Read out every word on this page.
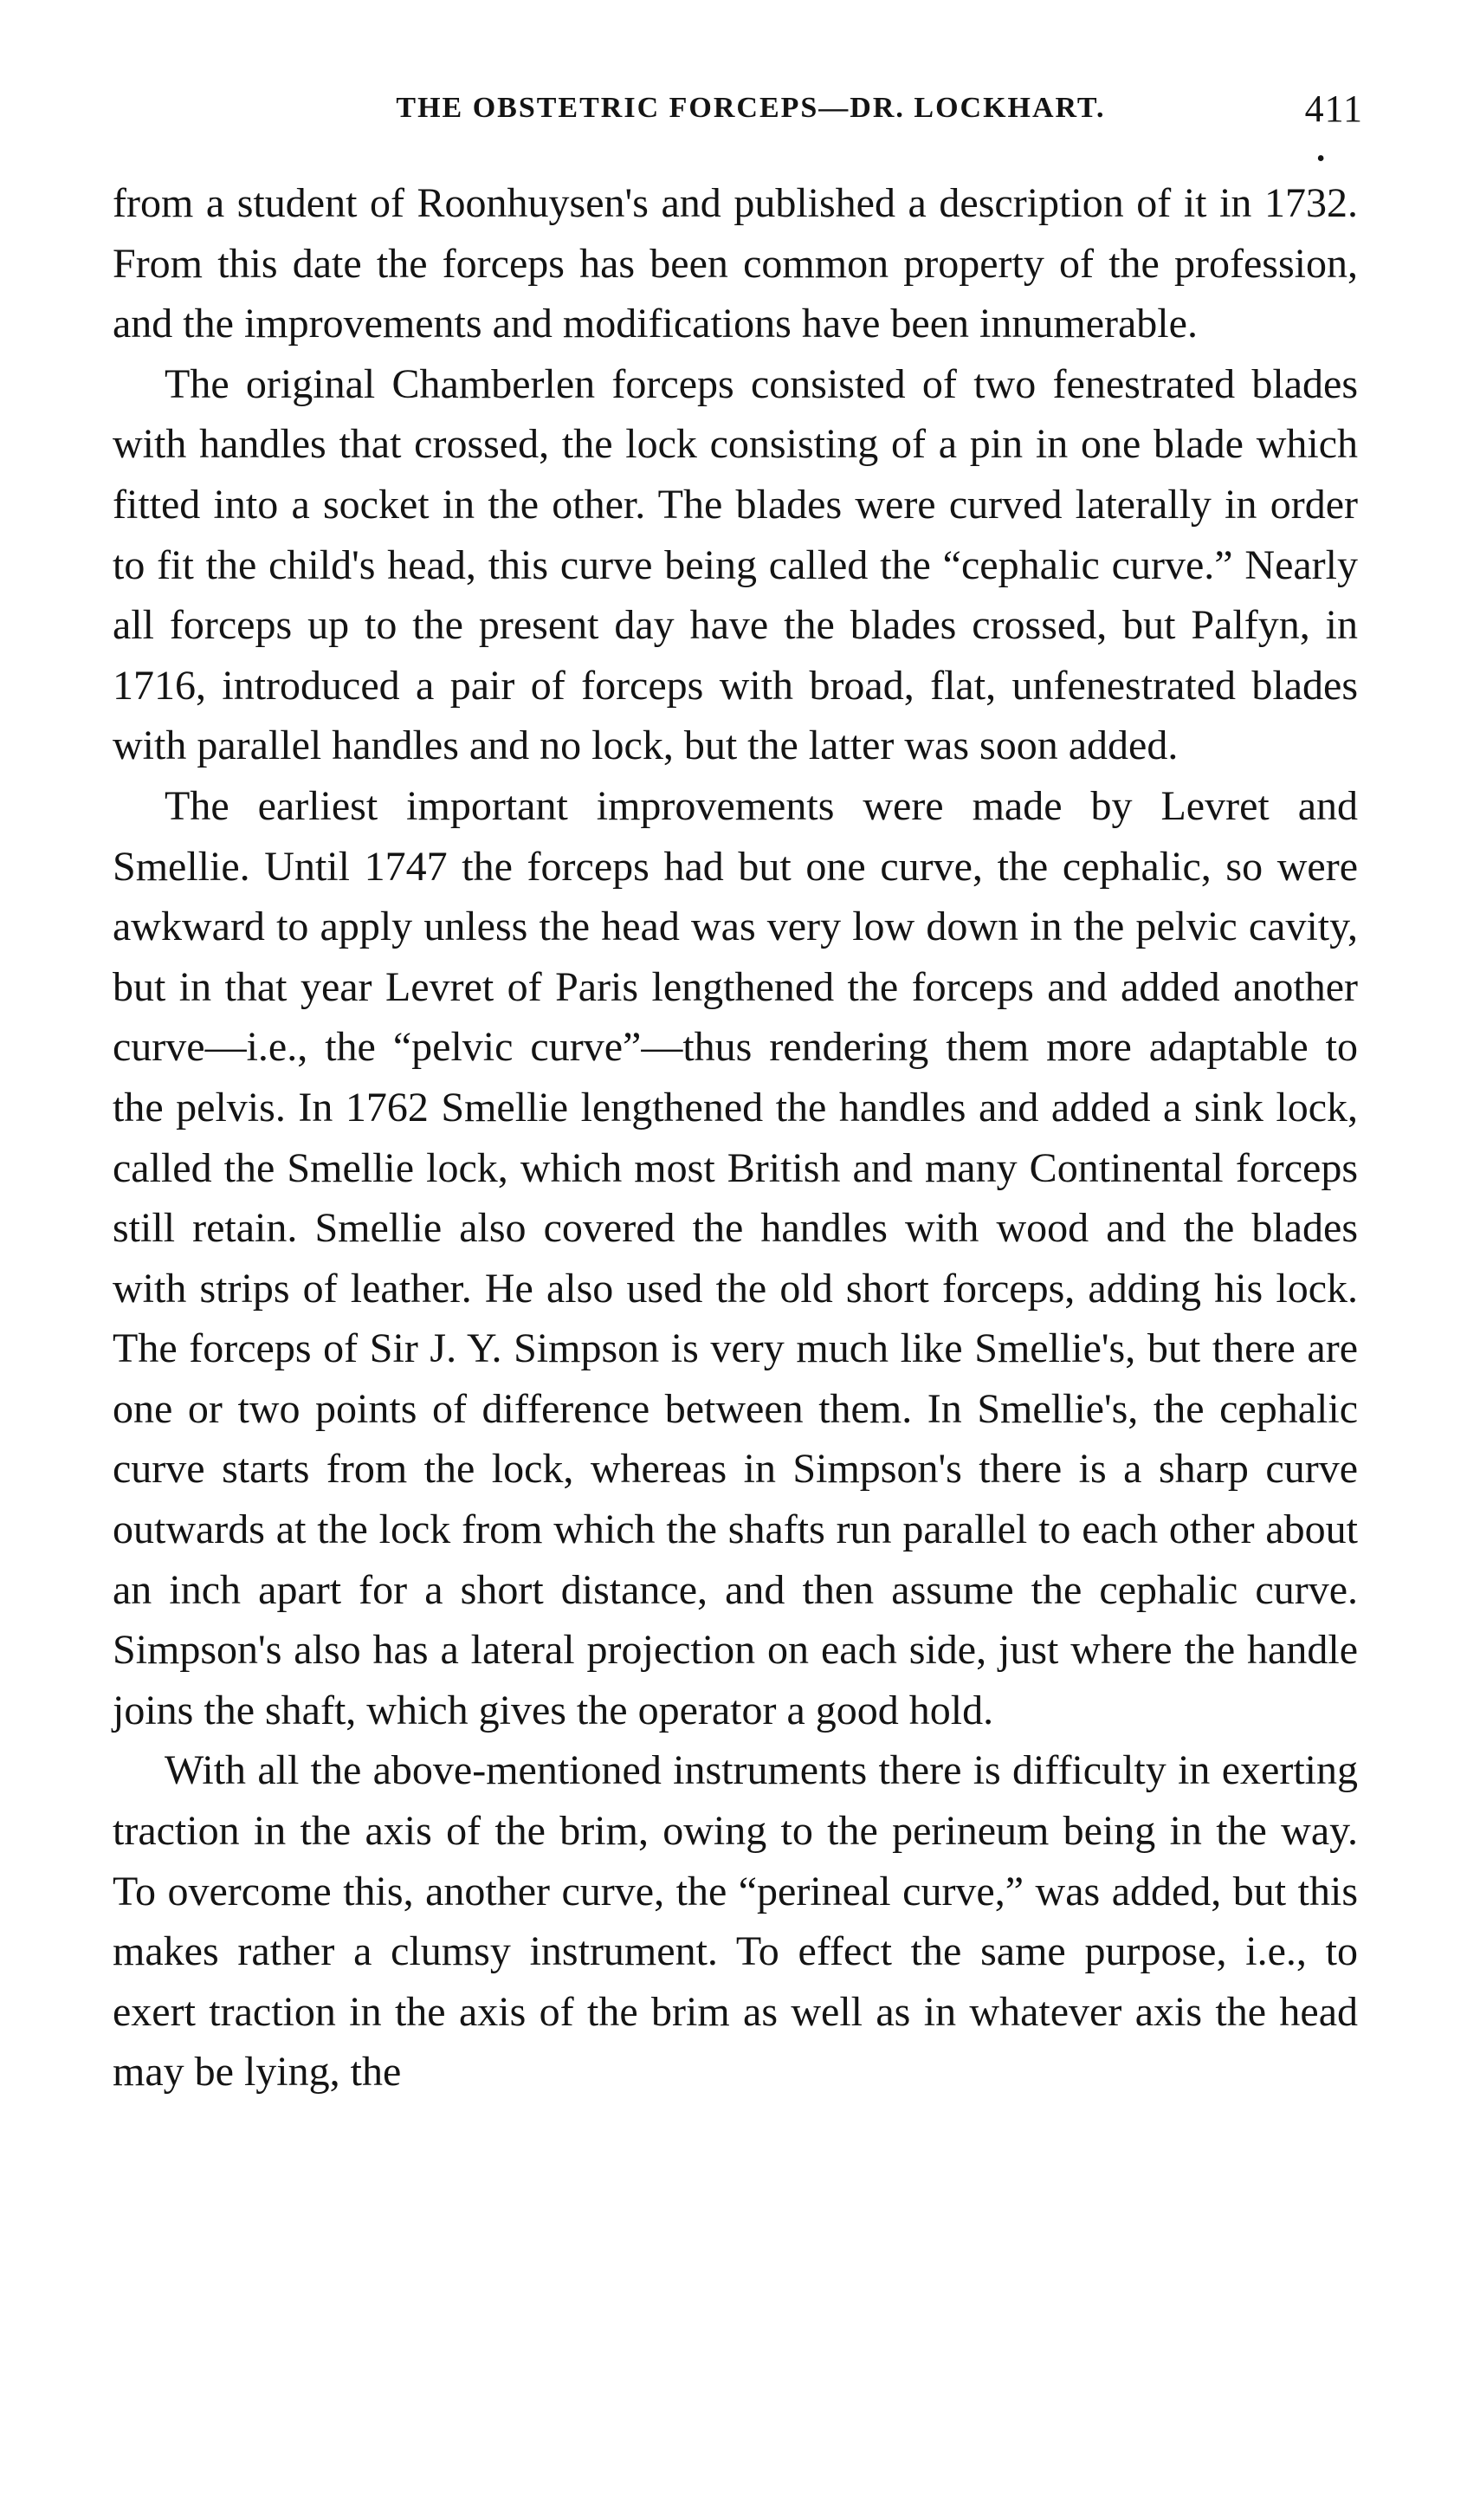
THE OBSTETRIC FORCEPS—DR. LOCKHART.	411
•

from a student of Roonhuysen's and published a description of it in 1732. From this date the forceps has been common property of the profession, and the improvements and modifications have been innumerable.

The original Chamberlen forceps consisted of two fenestrated blades with handles that crossed, the lock consisting of a pin in one blade which fitted into a socket in the other. The blades were curved laterally in order to fit the child's head, this curve being called the “cephalic curve.” Nearly all forceps up to the present day have the blades crossed, but Palfyn, in 1716, introduced a pair of forceps with broad, flat, unfenestrated blades with parallel handles and no lock, but the latter was soon added.

The earliest important improvements were made by Levret and Smellie. Until 1747 the forceps had but one curve, the cephalic, so were awkward to apply unless the head was very low down in the pelvic cavity, but in that year Levret of Paris lengthened the forceps and added another curve—i.e., the “pelvic curve”—thus rendering them more adaptable to the pelvis. In 1762 Smellie lengthened the handles and added a sink lock, called the Smellie lock, which most British and many Continental forceps still retain. Smellie also covered the handles with wood and the blades with strips of leather. He also used the old short forceps, adding his lock. The forceps of Sir J. Y. Simpson is very much like Smellie's, but there are one or two points of difference between them. In Smellie's, the cephalic curve starts from the lock, whereas in Simpson's there is a sharp curve outwards at the lock from which the shafts run parallel to each other about an inch apart for a short distance, and then assume the cephalic curve. Simpson's also has a lateral projection on each side, just where the handle joins the shaft, which gives the operator a good hold.

With all the above-mentioned instruments there is difficulty in exerting traction in the axis of the brim, owing to the perineum being in the way. To overcome this, another curve, the “perineal curve,” was added, but this makes rather a clumsy instrument. To effect the same purpose, i.e., to exert traction in the axis of the brim as well as in whatever axis the head may be lying, the
